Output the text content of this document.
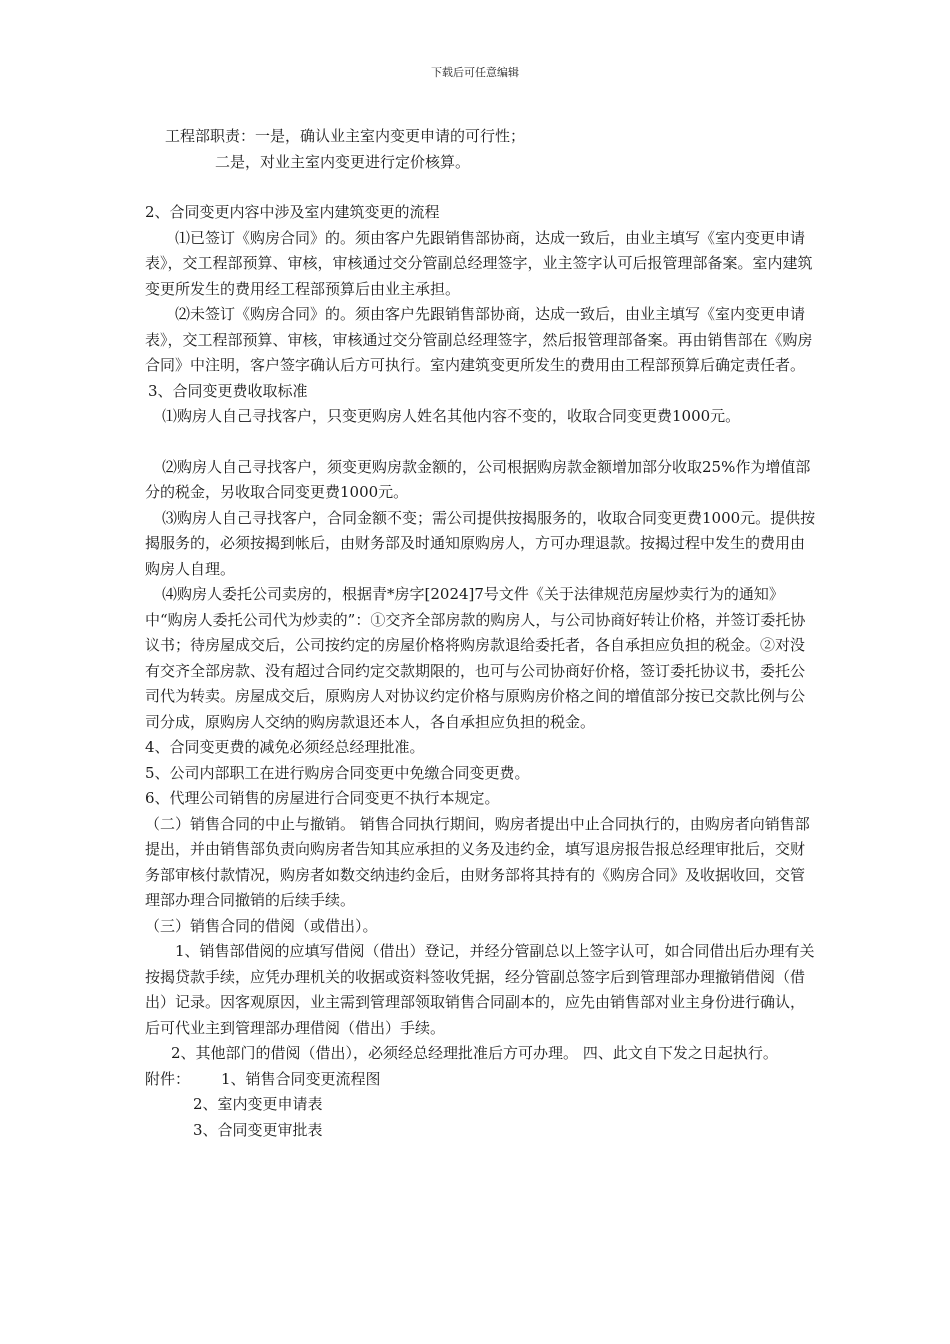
下载后可任意编辑

工程部职责：一是，确认业主室内变更申请的可行性；

二是，对业主室内变更进行定价核算。

2、合同变更内容中涉及室内建筑变更的流程

⑴已签订《购房合同》的。须由客户先跟销售部协商，达成一致后，由业主填写《室内变更申请表》，交工程部预算、审核，审核通过交分管副总经理签字，业主签字认可后报管理部备案。室内建筑变更所发生的费用经工程部预算后由业主承担。

⑵未签订《购房合同》的。须由客户先跟销售部协商，达成一致后，由业主填写《室内变更申请表》，交工程部预算、审核，审核通过交分管副总经理签字，然后报管理部备案。再由销售部在《购房合同》中注明，客户签字确认后方可执行。室内建筑变更所发生的费用由工程部预算后确定责任者。

3、合同变更费收取标准

⑴购房人自己寻找客户，只变更购房人姓名其他内容不变的，收取合同变更费1000元。

⑵购房人自己寻找客户，须变更购房款金额的，公司根据购房款金额增加部分收取25%作为增值部分的税金，另收取合同变更费1000元。

⑶购房人自己寻找客户，合同金额不变；需公司提供按揭服务的，收取合同变更费1000元。提供按揭服务的，必须按揭到帐后，由财务部及时通知原购房人，方可办理退款。按揭过程中发生的费用由购房人自理。

⑷购房人委托公司卖房的，根据青*房字[2024]7号文件《关于法律规范房屋炒卖行为的通知》中“购房人委托公司代为炒卖的”：①交齐全部房款的购房人，与公司协商好转让价格，并签订委托协议书；待房屋成交后，公司按约定的房屋价格将购房款退给委托者，各自承担应负担的税金。②对没有交齐全部房款、没有超过合同约定交款期限的，也可与公司协商好价格，签订委托协议书，委托公司代为转卖。房屋成交后，原购房人对协议约定价格与原购房价格之间的增值部分按已交款比例与公司分成，原购房人交纳的购房款退还本人，各自承担应负担的税金。

4、合同变更费的减免必须经总经理批准。

5、公司内部职工在进行购房合同变更中免缴合同变更费。

6、代理公司销售的房屋进行合同变更不执行本规定。

（二）销售合同的中止与撤销。 销售合同执行期间，购房者提出中止合同执行的，由购房者向销售部提出，并由销售部负责向购房者告知其应承担的义务及违约金，填写退房报告报总经理审批后，交财务部审核付款情况，购房者如数交纳违约金后，由财务部将其持有的《购房合同》及收据收回，交管理部办理合同撤销的后续手续。

（三）销售合同的借阅（或借出）。

1、销售部借阅的应填写借阅（借出）登记，并经分管副总以上签字认可，如合同借出后办理有关按揭贷款手续，应凭办理机关的收据或资料签收凭据，经分管副总签字后到管理部办理撤销借阅（借出）记录。因客观原因，业主需到管理部领取销售合同副本的，应先由销售部对业主身份进行确认，后可代业主到管理部办理借阅（借出）手续。

2、其他部门的借阅（借出），必须经总经理批准后方可办理。 四、此文自下发之日起执行。

附件：	1、销售合同变更流程图

2、室内变更申请表

3、合同变更审批表
